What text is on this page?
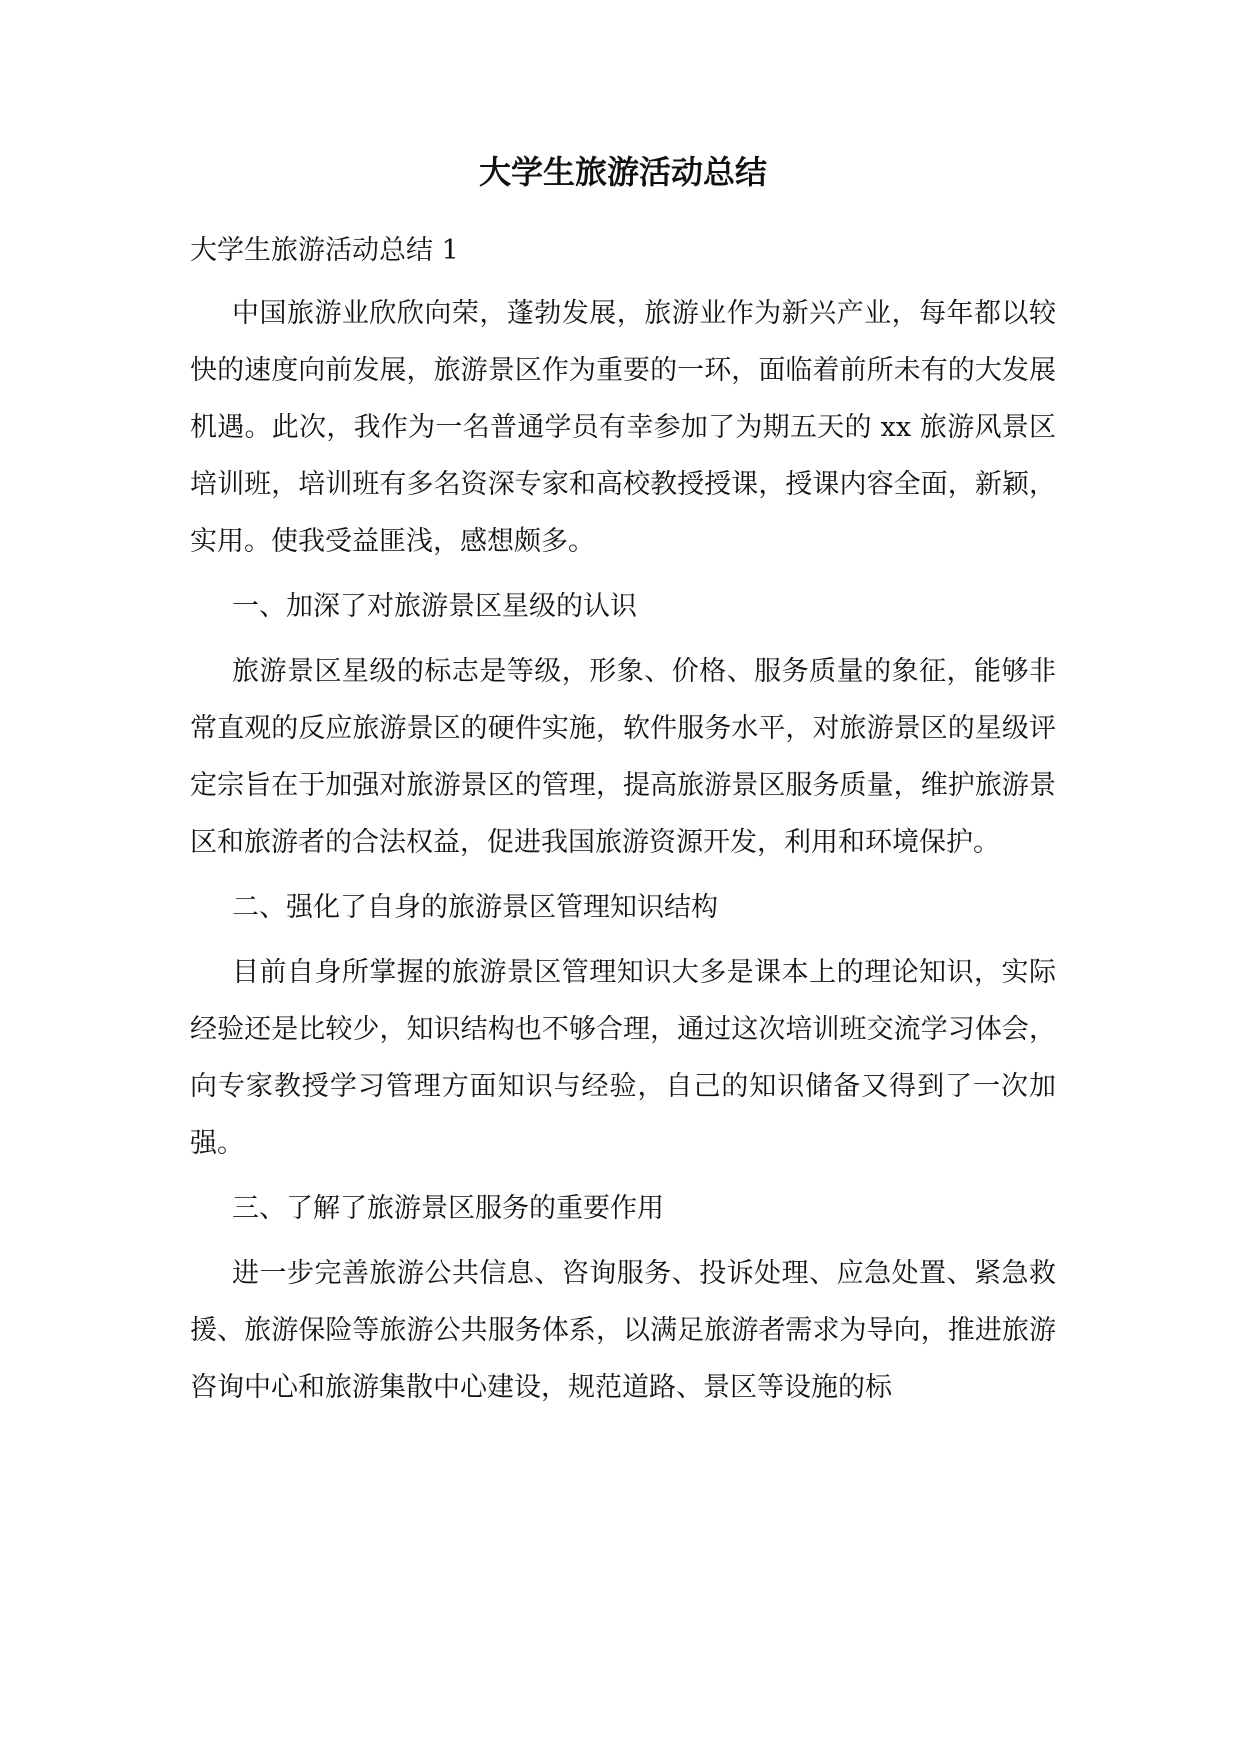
大学生旅游活动总结

大学生旅游活动总结 1

中国旅游业欣欣向荣，蓬勃发展，旅游业作为新兴产业，每年都以较快的速度向前发展，旅游景区作为重要的一环，面临着前所未有的大发展机遇。此次，我作为一名普通学员有幸参加了为期五天的 xx 旅游风景区培训班，培训班有多名资深专家和高校教授授课，授课内容全面，新颖，实用。使我受益匪浅，感想颇多。

一、加深了对旅游景区星级的认识

旅游景区星级的标志是等级，形象、价格、服务质量的象征，能够非常直观的反应旅游景区的硬件实施，软件服务水平，对旅游景区的星级评定宗旨在于加强对旅游景区的管理，提高旅游景区服务质量，维护旅游景区和旅游者的合法权益，促进我国旅游资源开发，利用和环境保护。

二、强化了自身的旅游景区管理知识结构

目前自身所掌握的旅游景区管理知识大多是课本上的理论知识，实际经验还是比较少，知识结构也不够合理，通过这次培训班交流学习体会，向专家教授学习管理方面知识与经验，自己的知识储备又得到了一次加强。

三、了解了旅游景区服务的重要作用

进一步完善旅游公共信息、咨询服务、投诉处理、应急处置、紧急救援、旅游保险等旅游公共服务体系，以满足旅游者需求为导向，推进旅游咨询中心和旅游集散中心建设，规范道路、景区等设施的标
